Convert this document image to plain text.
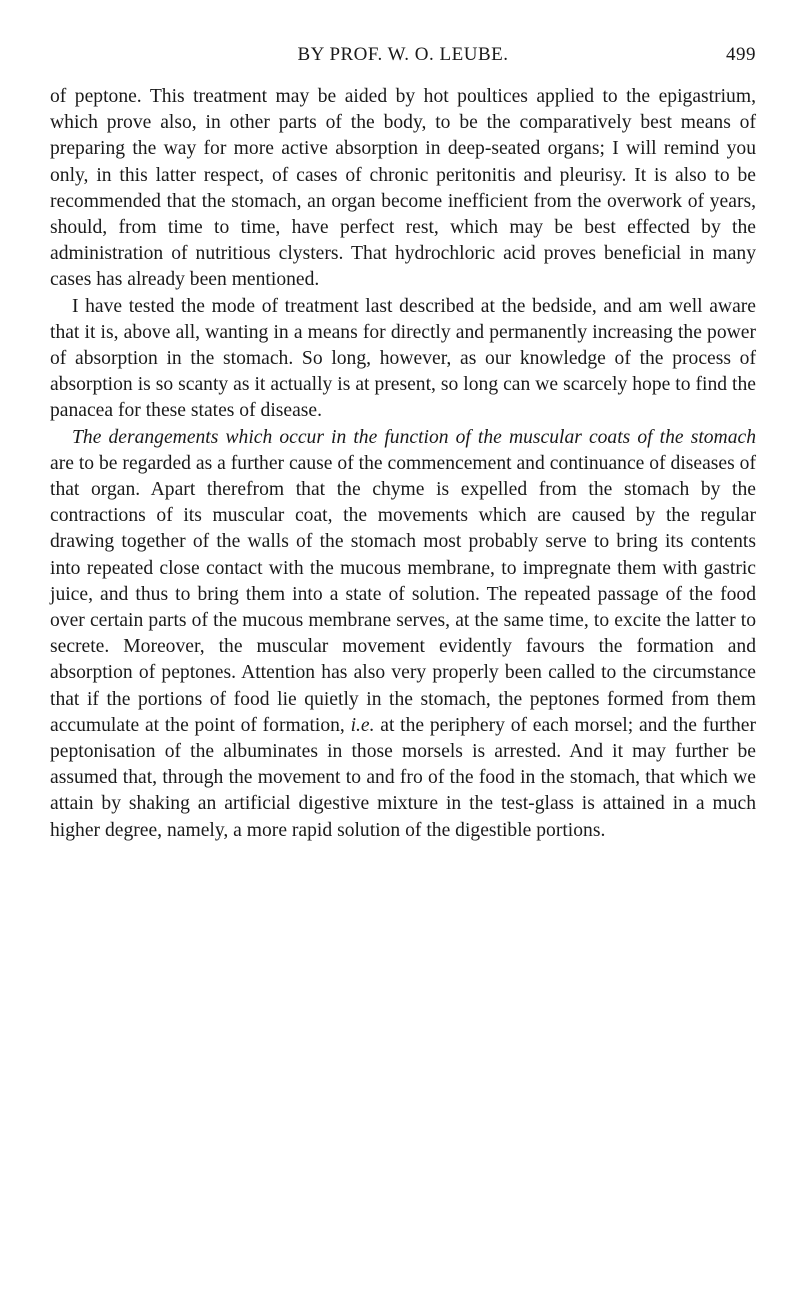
BY PROF. W. O. LEUBE.	499

of peptone. This treatment may be aided by hot poultices applied to the epigastrium, which prove also, in other parts of the body, to be the comparatively best means of preparing the way for more active absorption in deep-seated organs; I will remind you only, in this latter respect, of cases of chronic peritonitis and pleurisy. It is also to be recommended that the stomach, an organ become inefficient from the overwork of years, should, from time to time, have perfect rest, which may be best effected by the administration of nutritious clysters. That hydrochloric acid proves beneficial in many cases has already been mentioned.

I have tested the mode of treatment last described at the bedside, and am well aware that it is, above all, wanting in a means for directly and permanently increasing the power of absorption in the stomach. So long, however, as our knowledge of the process of absorption is so scanty as it actually is at present, so long can we scarcely hope to find the panacea for these states of disease.

The derangements which occur in the function of the muscular coats of the stomach are to be regarded as a further cause of the commencement and continuance of diseases of that organ. Apart therefrom that the chyme is expelled from the stomach by the contractions of its muscular coat, the movements which are caused by the regular drawing together of the walls of the stomach most probably serve to bring its contents into repeated close contact with the mucous membrane, to impregnate them with gastric juice, and thus to bring them into a state of solution. The repeated passage of the food over certain parts of the mucous membrane serves, at the same time, to excite the latter to secrete. Moreover, the muscular movement evidently favours the formation and absorption of peptones. Attention has also very properly been called to the circumstance that if the portions of food lie quietly in the stomach, the peptones formed from them accumulate at the point of formation, i.e. at the periphery of each morsel; and the further peptonisation of the albuminates in those morsels is arrested. And it may further be assumed that, through the movement to and fro of the food in the stomach, that which we attain by shaking an artificial digestive mixture in the test-glass is attained in a much higher degree, namely, a more rapid solution of the digestible portions.
